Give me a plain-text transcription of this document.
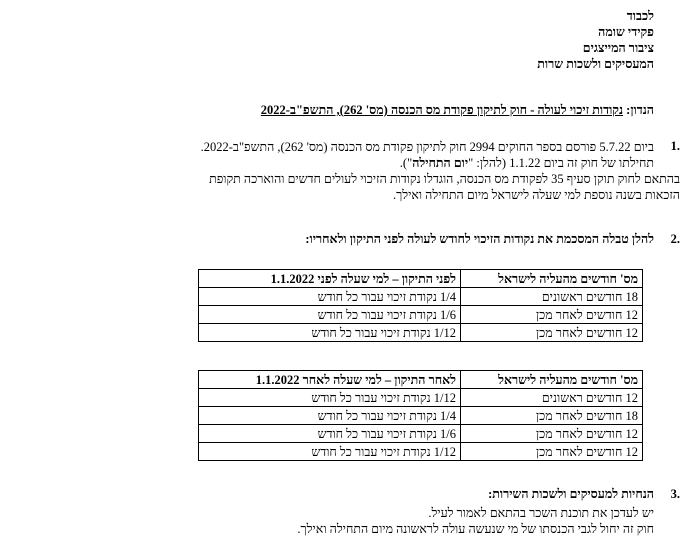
לכבוד
פקידי שומה
ציבור המייצגים
המעסיקים ולשכות שרות
הנדון: נקודות זיכוי לעולה - חוק לתיקון פקודת מס הכנסה (מס' 262), התשפ"ב-2022
.1
ביום 5.7.22 פורסם בספר החוקים 2994 חוק לתיקון פקודת מס הכנסה (מס' 262), התשפ"ב-2022.
תחילתו של חוק זה ביום 1.1.22 (להלן: "יום התחילה").
בהתאם לחוק תוקן סעיף 35 לפקודת מס הכנסה, הוגדלו נקודות הזיכוי לעולים חדשים והוארכה תקופת
הזכאות בשנה נוספת למי שעלה לישראל מיום התחילה ואילך.
.2
להלן טבלה המסכמת את נקודות הזיכוי לחודש לעולה לפני התיקון ולאחריו:
מס' חודשים מהעליה לישראל	לפני התיקון – למי שעלה לפני 1.1.2022
18 חודשים ראשונים	1/4 נקודת זיכוי עבור כל חודש
12 חודשים לאחר מכן	1/6 נקודת זיכוי עבור כל חודש
12 חודשים לאחר מכן	1/12 נקודת זיכוי עבור כל חודש
מס' חודשים מהעליה לישראל	לאחר התיקון – למי שעלה לאחר 1.1.2022
12 חודשים ראשונים	1/12 נקודת זיכוי עבור כל חודש
18 חודשים לאחר מכן	1/4 נקודת זיכוי עבור כל חודש
12 חודשים לאחר מכן	1/6 נקודת זיכוי עבור כל חודש
12 חודשים לאחר מכן	1/12 נקודת זיכוי עבור כל חודש
.3
הנחיות למעסיקים ולשכות השירות:
יש לעדכן את תוכנת השכר בהתאם לאמור לעיל.
חוק זה יחול לגבי הכנסתו של מי שנעשה עולה לראשונה מיום התחילה ואילך.
